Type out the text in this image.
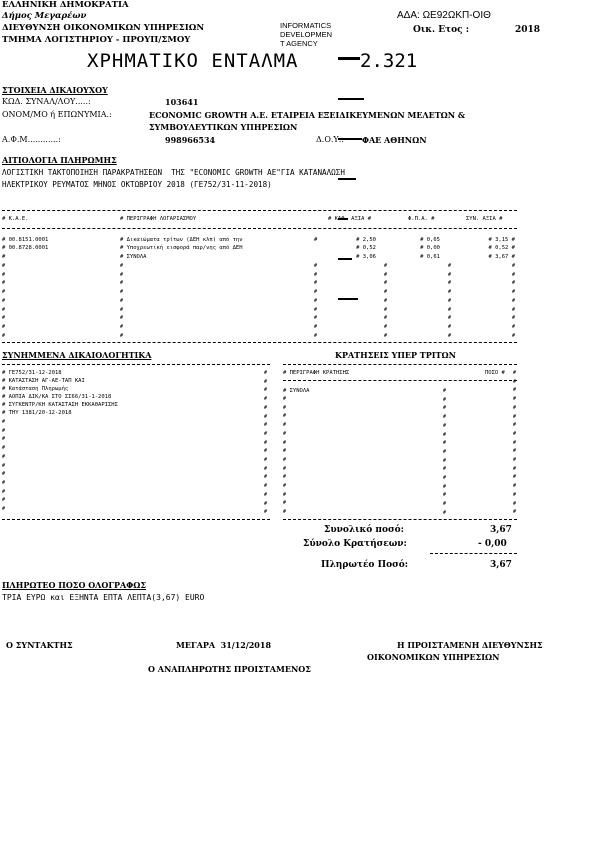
ΕΛΛΗΝΙΚΗ ΔΗΜΟΚΡΑΤΙΑ
Δήμος Μεγαρέων
ΔΙΕΥΘΥΝΣΗ ΟΙΚΟΝΟΜΙΚΩΝ ΥΠΗΡΕΣΙΩΝ
ΤΜΗΜΑ ΛΟΓΙΣΤΗΡΙΟΥ - ΠΡΟΥΠ/ΣΜΟΥ
INFORMATICS
DEVELOPMEN
T AGENCY

ΑΔΑ: ΩΕ92ΩΚΠ-ΟΙΘ
Οικ. Ετος :	2018
ΧΡΗΜΑΤΙΚΟ ΕΝΤΑΛΜΑ	2.321
ΣΤΟΙΧΕΙΑ ΔΙΚΑΙΟΥΧΟΥ
ΚΩΔ. ΣΥΝΑΛ/ΛΟΥ.....:	103641
ΟΝΟΜ/ΜΟ ή ΕΠΩΝΥΜΙΑ.:	ECONOMIC GROWTH Α.Ε. ΕΤΑΙΡΕΙΑ ΕΞΕΙΔΙΚΕΥΜΕΝΩΝ ΜΕΛΕΤΩΝ &
ΣΥΜΒΟΥΛΕΥΤΙΚΩΝ ΥΠΗΡΕΣΙΩΝ
Α.Φ.Μ............:	998966534	Δ.Ο.Υ.: ΦΑΕ ΑΘΗΝΩΝ
ΑΙΤΙΟΛΟΓΙΑ ΠΛΗΡΩΜΗΣ
ΛΟΓΙΣΤΙΚΗ ΤΑΚΤΟΠΟΙΗΣΗ ΠΑΡΑΚΡΑΤΗΣΕΩΝ  ΤΗΣ "ECONOMIC GROWTH ΑΕ"ΓΙΑ ΚΑΤΑΝΑΛΩΣΗ
ΗΛΕΚΤΡΙΚΟΥ ΡΕΥΜΑΤΟΣ ΜΗΝΟΣ ΟΚΤΩΒΡΙΟΥ 2018 (ΓΕ752/31-11-2018)
# Κ.Α.Ε.	# ΠΕΡΙΓΡΑΦΗ ΛΟΓΑΡΙΑΣΜΟΥ	# ΚΑΘ. ΑΞΙΑ #	Φ.Π.Α. #	ΣΥΝ. ΑΞΙΑ #
# 00.8151.0001	# Δικαιώματα τρίτων (ΔΕΗ κλπ) από την	#	# 2,50	# 0,65	# 3,15 #
# 00.8728.0001	# Υποχρεωτική εισφορά παρ/νης από ΔΕΗ	# 0,52	# 0,00	# 0,52 #
#	# ΣΥΝΟΛΑ	# 3,06	# 0,61	# 3,67 #
#
#
#
#
#
#
#
#
#
#
#
#
#
#
#
#
#
#
#
#
#
#
#
#
#
#
#
#
#
#
#
#
#
#
#
#
#
#
#
#
#
#
#
#
#
#
#
#
#
#
#
#
#
#
ΣΥΝΗΜΜΕΝΑ ΔΙΚΑΙΟΛΟΓΗΤΙΚΑ
# ΓΕ752/31-12-2018
# ΚΑΤΑΣΤΑΣΗ ΑΓ-ΑΕ-ΤΑΠ ΚΑΙ
# Κατάσταση Πληρωμής
# ΑΟΠΙΑ ΔΙΚ/ΚΑ ΣΤΟ ΣΣ66/31-1-2018
# ΣΥΓΚΕΝΤΡ/ΚΗ ΚΑΤΑΣΤΑΣΗ ΕΚΚΑΘΑΡΙΣΗΣ
# ΤΗΥ 1381/20-12-2018
#
#
#
#
#
#
#
#
#
#
#
#
#
#
#
#
#
#
#
#
#
#
#
#
#
#
#
#
ΚΡΑΤΗΣΕΙΣ ΥΠΕΡ ΤΡΙΤΩΝ
# ΠΕΡΙΓΡΑΦΗ ΚΡΑΤΗΣΗΣ	ΠΟΣΟ #
# ΣΥΝΟΛΑ
#
#
#
#
#
#
#
#
#
#
#
#
#
#
#
#
#
#
#
#
#
#
#
#
#
#
#
#
#
#
#
#
#
#
#
#
#
#
#
#
#
#
#
#
#
#
Συνολικό ποσό:	3,67
Σύνολο Κρατήσεων:	- 0,00
Πληρωτέο Ποσό:	3,67
ΠΛΗΡΩΤΕΟ ΠΟΣΟ ΟΛΟΓΡΑΦΩΣ
ΤΡΙΑ ΕΥΡΩ και ΕΞΗΝΤΑ ΕΠΤΑ ΛΕΠΤΑ(3,67) EURO
Ο ΣΥΝΤΑΚΤΗΣ	ΜΕΓΑΡΑ  31/12/2018	Η ΠΡΟΙΣΤΑΜΕΝΗ ΔΙΕΥΘΥΝΣΗΣ
ΟΙΚΟΝΟΜΙΚΩΝ ΥΠΗΡΕΣΙΩΝ
Ο ΑΝΑΠΛΗΡΩΤΗΣ ΠΡΟΙΣΤΑΜΕΝΟΣ
